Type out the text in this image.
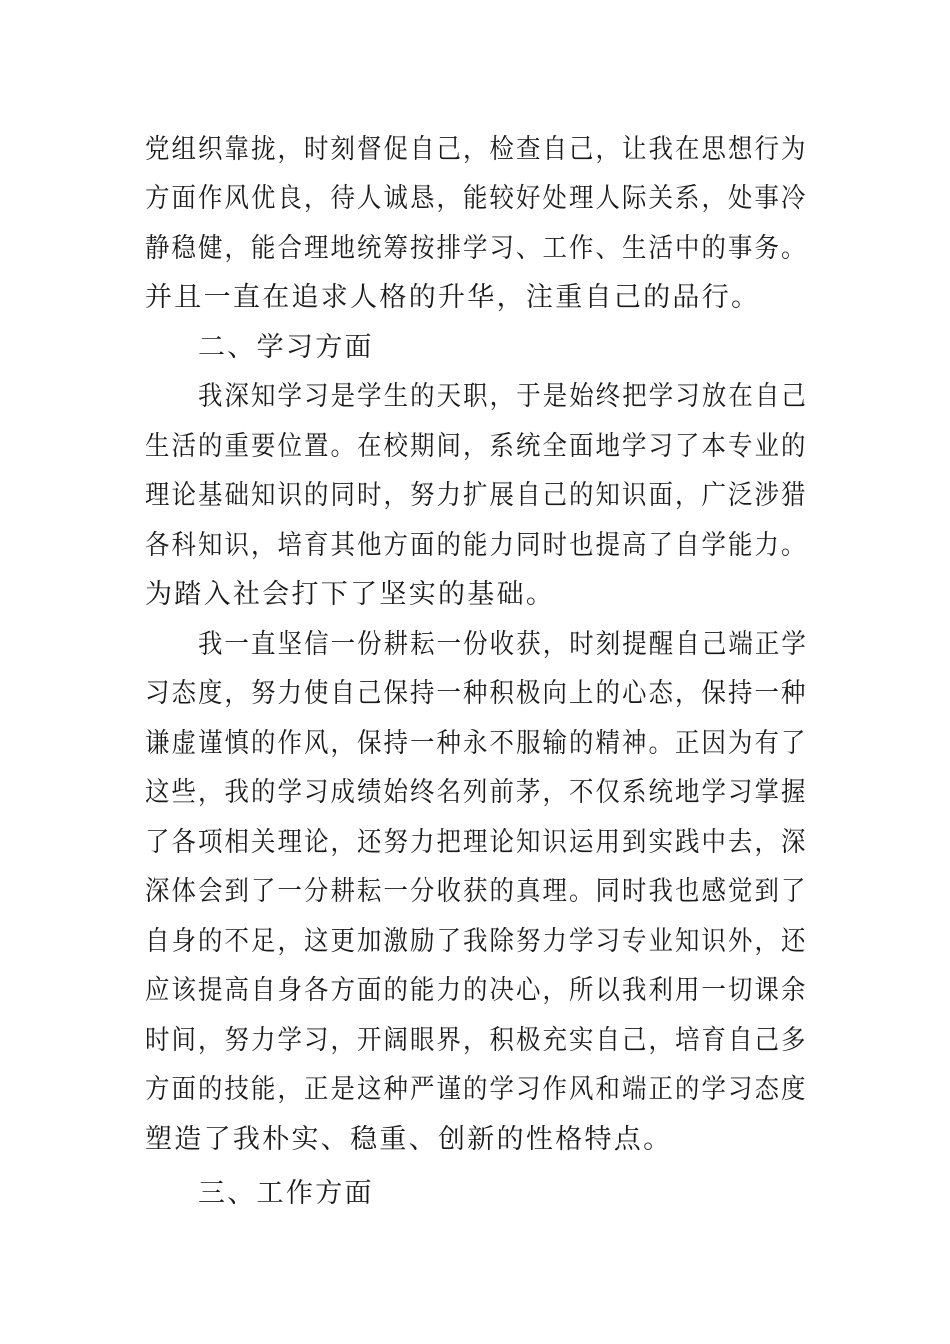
党组织靠拢，时刻督促自己，检查自己，让我在思想行为
方面作风优良，待人诚恳，能较好处理人际关系，处事冷
静稳健，能合理地统筹按排学习、工作、生活中的事务。
并且一直在追求人格的升华，注重自己的品行。
二、学习方面
我深知学习是学生的天职，于是始终把学习放在自己
生活的重要位置。在校期间，系统全面地学习了本专业的
理论基础知识的同时，努力扩展自己的知识面，广泛涉猎
各科知识，培育其他方面的能力同时也提高了自学能力。
为踏入社会打下了坚实的基础。
我一直坚信一份耕耘一份收获，时刻提醒自己端正学
习态度，努力使自己保持一种积极向上的心态，保持一种
谦虚谨慎的作风，保持一种永不服输的精神。正因为有了
这些，我的学习成绩始终名列前茅，不仅系统地学习掌握
了各项相关理论，还努力把理论知识运用到实践中去，深
深体会到了一分耕耘一分收获的真理。同时我也感觉到了
自身的不足，这更加激励了我除努力学习专业知识外，还
应该提高自身各方面的能力的决心，所以我利用一切课余
时间，努力学习，开阔眼界，积极充实自己，培育自己多
方面的技能，正是这种严谨的学习作风和端正的学习态度
塑造了我朴实、稳重、创新的性格特点。
三、工作方面
